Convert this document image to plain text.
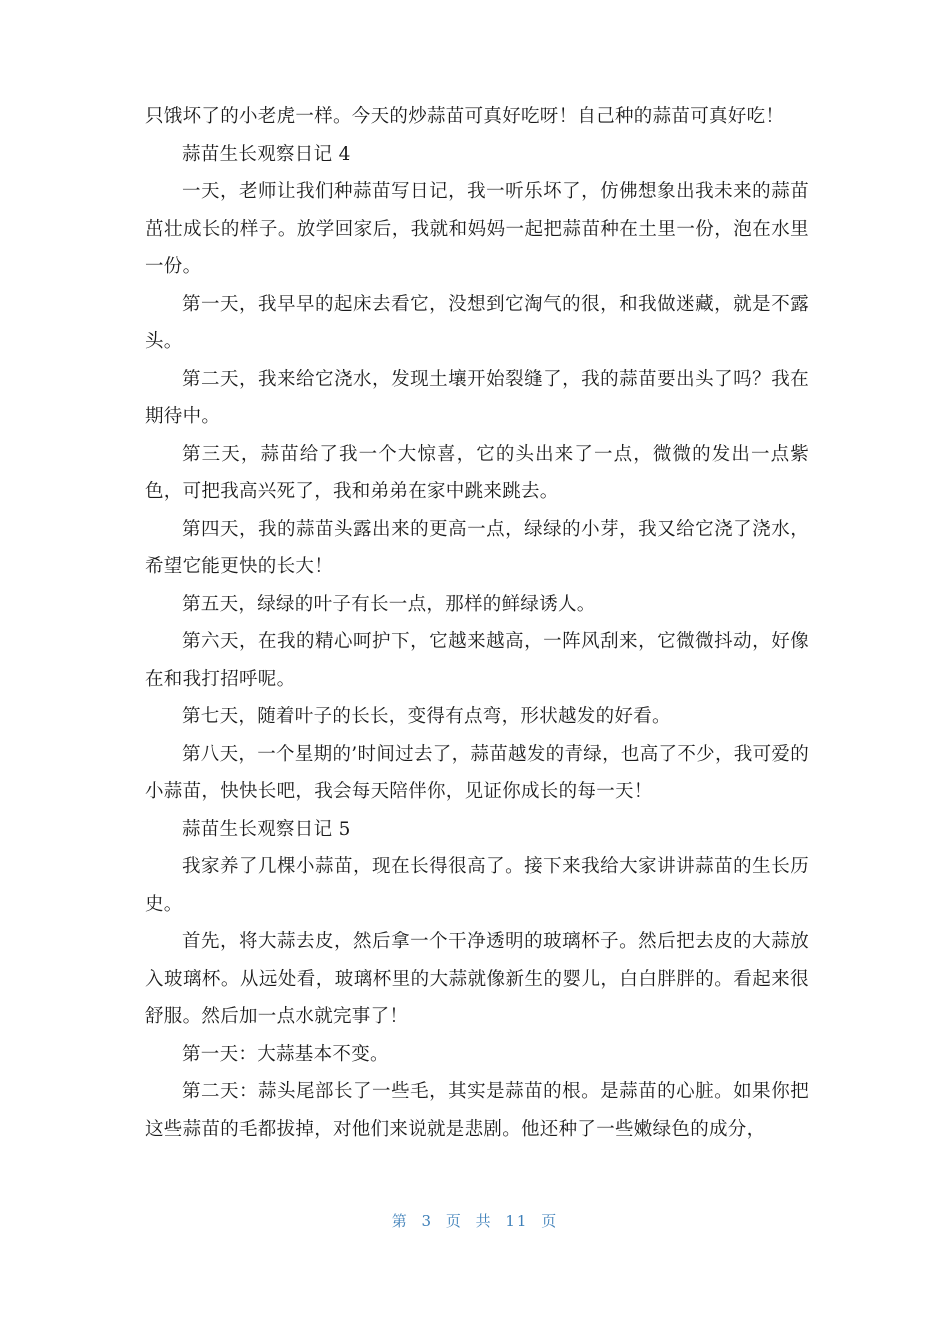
只饿坏了的小老虎一样。今天的炒蒜苗可真好吃呀！自己种的蒜苗可真好吃！

蒜苗生长观察日记 4

一天，老师让我们种蒜苗写日记，我一听乐坏了，仿佛想象出我未来的蒜苗茁壮成长的样子。放学回家后，我就和妈妈一起把蒜苗种在土里一份，泡在水里一份。

第一天，我早早的起床去看它，没想到它淘气的很，和我做迷藏，就是不露头。

第二天，我来给它浇水，发现土壤开始裂缝了，我的蒜苗要出头了吗？我在期待中。

第三天，蒜苗给了我一个大惊喜，它的头出来了一点，微微的发出一点紫色，可把我高兴死了，我和弟弟在家中跳来跳去。

第四天，我的蒜苗头露出来的更高一点，绿绿的小芽，我又给它浇了浇水，希望它能更快的长大！

第五天，绿绿的叶子有长一点，那样的鲜绿诱人。

第六天，在我的精心呵护下，它越来越高，一阵风刮来，它微微抖动，好像在和我打招呼呢。

第七天，随着叶子的长长，变得有点弯，形状越发的好看。

第八天，一个星期的’时间过去了，蒜苗越发的青绿，也高了不少，我可爱的小蒜苗，快快长吧，我会每天陪伴你，见证你成长的每一天！

蒜苗生长观察日记 5

我家养了几棵小蒜苗，现在长得很高了。接下来我给大家讲讲蒜苗的生长历史。

首先，将大蒜去皮，然后拿一个干净透明的玻璃杯子。然后把去皮的大蒜放入玻璃杯。从远处看，玻璃杯里的大蒜就像新生的婴儿，白白胖胖的。看起来很舒服。然后加一点水就完事了！

第一天：大蒜基本不变。

第二天：蒜头尾部长了一些毛，其实是蒜苗的根。是蒜苗的心脏。如果你把这些蒜苗的毛都拔掉，对他们来说就是悲剧。他还种了一些嫩绿色的成分，

第 3 页 共 11 页
